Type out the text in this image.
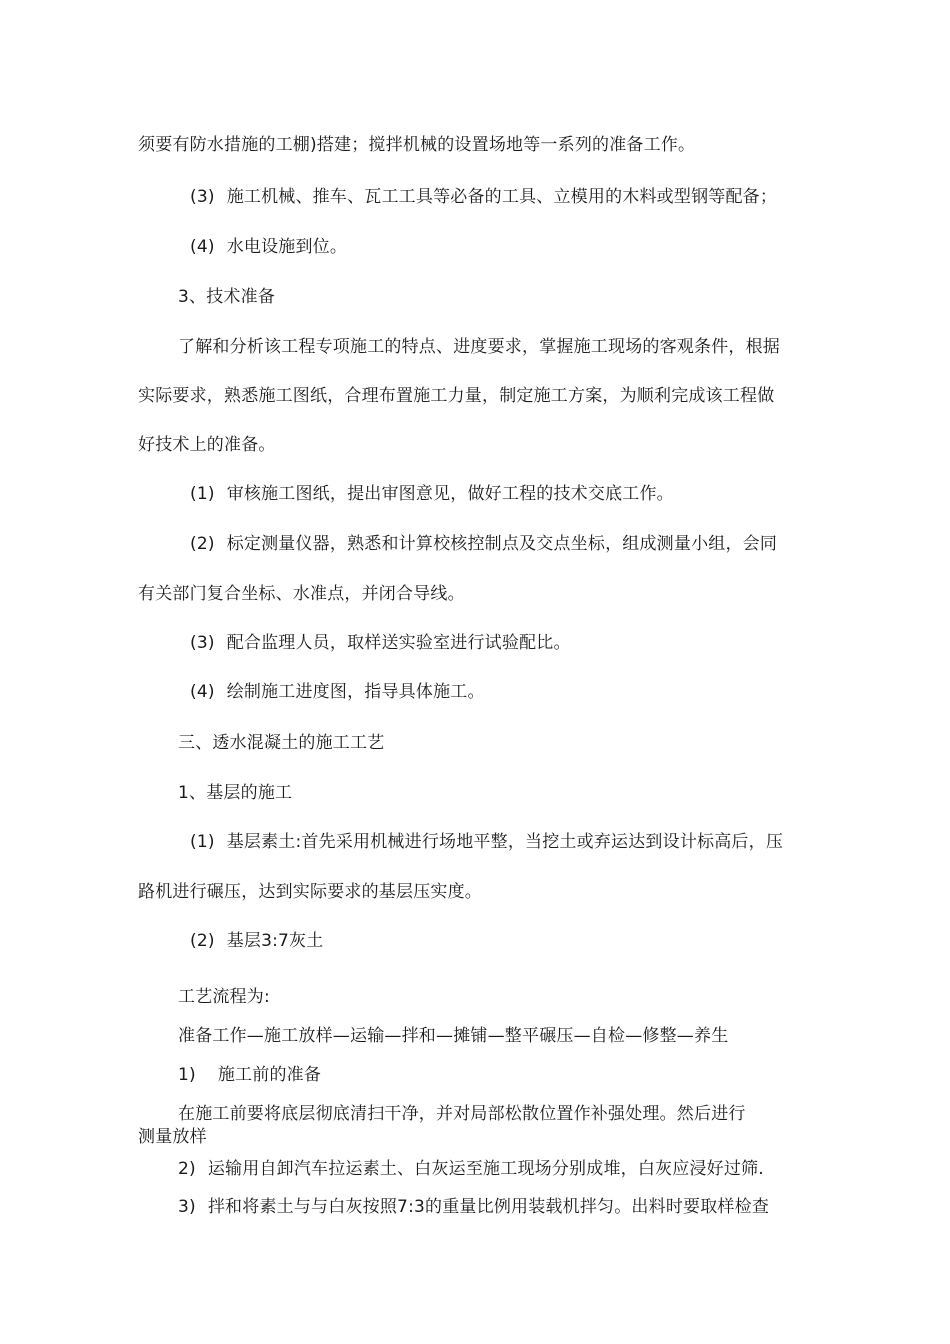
须要有防水措施的工棚)搭建；搅拌机械的设置场地等一系列的准备工作。
(3) 施工机械、推车、瓦工工具等必备的工具、立模用的木料或型钢等配备；
(4) 水电设施到位。
3、技术准备
了解和分析该工程专项施工的特点、进度要求，掌握施工现场的客观条件，根据
实际要求，熟悉施工图纸，合理布置施工力量，制定施工方案，为顺利完成该工程做
好技术上的准备。
(1) 审核施工图纸，提出审图意见，做好工程的技术交底工作。
(2) 标定测量仪器，熟悉和计算校核控制点及交点坐标，组成测量小组，会同
有关部门复合坐标、水准点，并闭合导线。
(3) 配合监理人员，取样送实验室进行试验配比。
(4) 绘制施工进度图，指导具体施工。
三、透水混凝土的施工工艺
1、基层的施工
(1) 基层素土:首先采用机械进行场地平整，当挖土或弃运达到设计标高后，压
路机进行碾压，达到实际要求的基层压实度。
(2) 基层3:7灰土
工艺流程为:
准备工作—施工放样—运输—拌和—摊铺—整平碾压—自检—修整—养生
1) 施工前的准备
在施工前要将底层彻底清扫干净，并对局部松散位置作补强处理。然后进行
测量放样
2) 运输用自卸汽车拉运素土、白灰运至施工现场分别成堆，白灰应浸好过筛.
3) 拌和将素土与与白灰按照7:3的重量比例用装载机拌匀。出料时要取样检查
